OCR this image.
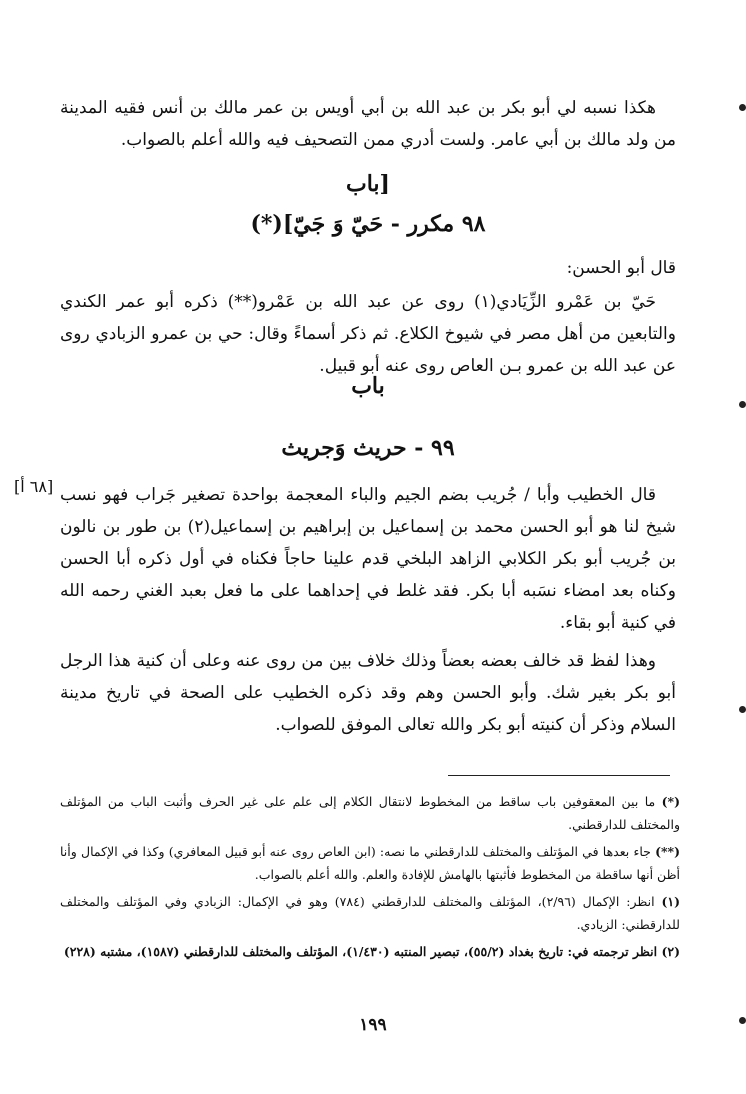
هكذا نسبه لي أبو بكر بن عبد الله بن أبي أويس بن عمر مالك بن أنس فقيه المدينة من ولد مالك بن أبي عامر. ولست أدري ممن التصحيف فيه والله أعلم بالصواب.

[باب
٩٨ مكرر - حَيّ وَ جَيّ](*)

قال أبو الحسن:

حَيّ بن عَمْرو الزِّيَادي(١) روى عن عبد الله بن عَمْرو(**) ذكره أبو عمر الكندي والتابعين من أهل مصر في شيوخ الكلاع. ثم ذكر أسماءً وقال: حي بن عمرو الزبادي روى عن عبد الله بن عمرو بـن العاص روى عنه أبو قبيل.

باب
٩٩ - حريث وَجريث
[٦٨ أ] قال الخطيب وأبا / جُريب بضم الجيم والباء المعجمة بواحدة تصغير جَراب فهو نسب شيخ لنا هو أبو الحسن محمد بن إسماعيل بن إبراهيم بن إسماعيل(٢) بن طور بن نالون بن جُريب أبو بكر الكلابي الزاهد البلخي قدم علينا حاجاً فكناه في أول ذكره أبا الحسن وكناه بعد امضاء نسَبه أبا بكر. فقد غلط في إحداهما على ما فعل بعبد الغني رحمه الله في كنية أبو بقاء.

وهذا لفظ قد خالف بعضه بعضاً وذلك خلاف بين من روى عنه وعلى أن كنية هذا الرجل أبو بكر بغير شك. وأبو الحسن وهم وقد ذكره الخطيب على الصحة في تاريخ مدينة السلام وذكر أن كنيته أبو بكر والله تعالى الموفق للصواب.

(*) ما بين المعقوفين باب ساقط من المخطوط لانتقال الكلام إلى علم على غير الحرف وأثبت الباب من المؤتلف والمختلف للدارقطني.

(**) جاء بعدها في المؤتلف والمختلف للدارقطني ما نصه: (ابن العاص روى عنه أبو قبيل المعافري) وكذا في الإكمال وأنا أظن أنها ساقطة من المخطوط فأثبتها بالهامش للإفادة والعلم. والله أعلم بالصواب.

(١) انظر: الإكمال (٢/٩٦)، المؤتلف والمختلف للدارقطني (٧٨٤) وهو في الإكمال: الزبادي وفي المؤتلف والمختلف للدارقطني: الزيادي.

(٢) انظر ترجمته في: تاريخ بغداد (٥٥/٢)، تبصير المنتبه (١/٤٣٠)، المؤتلف والمختلف للدارقطني (١٥٨٧)، مشتبه (٢٢٨)

١٩٩
